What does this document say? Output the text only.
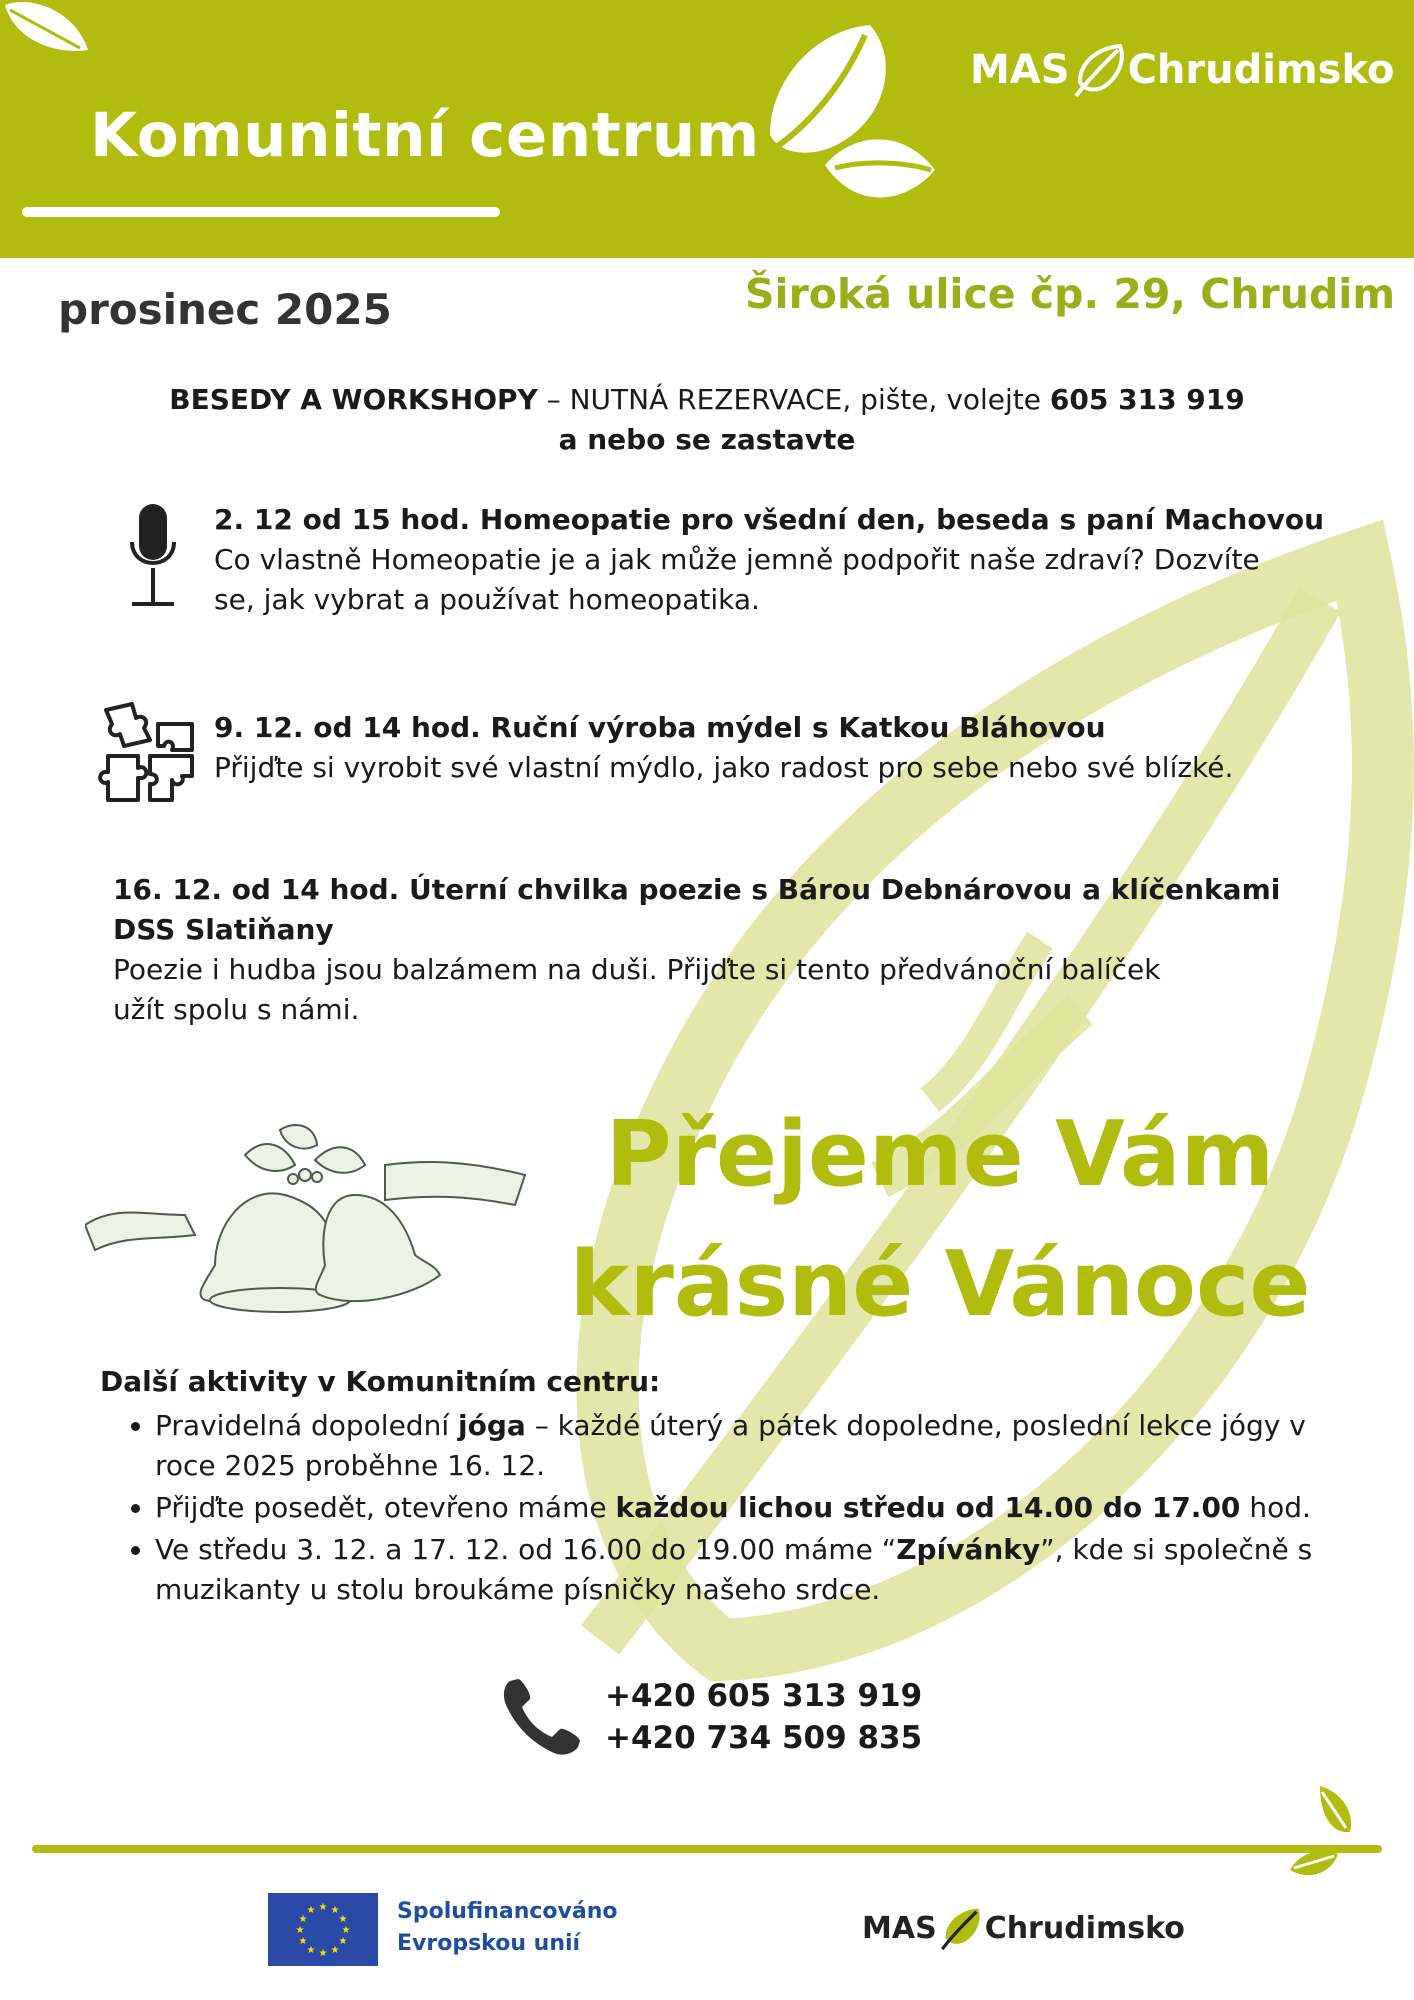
Komunitní centrum
MAS Chrudimsko
prosinec 2025	Široká ulice čp. 29, Chrudim
BESEDY A WORKSHOPY – NUTNÁ REZERVACE, pište, volejte 605 313 919
a nebo se zastavte
2. 12 od 15 hod. Homeopatie pro všední den, beseda s paní Machovou
Co vlastně Homeopatie je a jak může jemně podpořit naše zdraví? Dozvíte
se, jak vybrat a používat homeopatika.
9. 12. od 14 hod. Ruční výroba mýdel s Katkou Bláhovou
Přijďte si vyrobit své vlastní mýdlo, jako radost pro sebe nebo své blízké.
16. 12. od 14 hod. Úterní chvilka poezie s Bárou Debnárovou a klíčenkami
DSS Slatiňany
Poezie i hudba jsou balzámem na duši. Přijďte si tento předvánoční balíček
užít spolu s námi.
Přejeme Vám
krásné Vánoce
Další aktivity v Komunitním centru:
• Pravidelná dopolední jóga – každé úterý a pátek dopoledne, poslední lekce jógy v roce 2025 proběhne 16. 12.
• Přijďte posedět, otevřeno máme každou lichou středu od 14.00 do 17.00 hod.
• Ve středu 3. 12. a 17. 12. od 16.00 do 19.00 máme “Zpívánky”, kde si společně s muzikanty u stolu broukáme písničky našeho srdce.
+420 605 313 919
+420 734 509 835
★ ★
★
★
★
★
★
★
★
★
★
★	Spolufinancováno
Evropskou unií	MAS Chrudimsko
